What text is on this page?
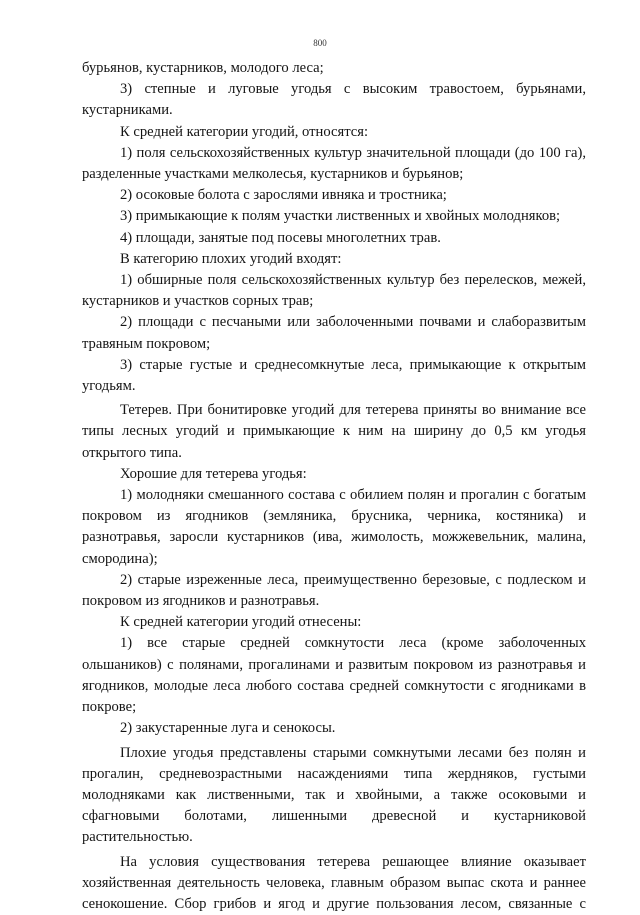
800

бурьянов, кустарников, молодого леса;

3) степные и луговые угодья с высоким травостоем, бурьянами, кустарниками.

К средней категории угодий, относятся:

1) поля сельскохозяйственных культур значительной площади (до 100 га), разделенные участками мелколесья, кустарников и бурьянов;

2) осоковые болота с зарослями ивняка и тростника;

3) примыкающие к полям участки лиственных и хвойных молодняков;

4) площади, занятые под посевы многолетних трав.

В категорию плохих угодий входят:

1) обширные поля сельскохозяйственных культур без перелесков, межей, кустарников и участков сорных трав;

2) площади с песчаными или заболоченными почвами и слаборазвитым травяным покровом;

3) старые густые и среднесомкнутые леса, примыкающие к открытым угодьям.

Тетерев. При бонитировке угодий для тетерева приняты во внимание все типы лесных угодий и примыкающие к ним на ширину до 0,5 км угодья открытого типа.

Хорошие для тетерева угодья:

1) молодняки смешанного состава с обилием полян и прогалин с богатым покровом из ягодников (земляника, брусника, черника, костяника) и разнотравья, заросли кустарников (ива, жимолость, можжевельник, малина, смородина);

2) старые изреженные леса, преимущественно березовые, с подлеском и покровом из ягодников и разнотравья.

К средней категории угодий отнесены:

1) все старые средней сомкнутости леса (кроме заболоченных ольшаников) с полянами, прогалинами и развитым покровом из разнотравья и ягодников, молодые леса любого состава средней сомкнутости с ягодниками в покрове;

2) закустаренные луга и сенокосы.

Плохие угодья представлены старыми сомкнутыми лесами без полян и прогалин, средневозрастными насаждениями типа жердняков, густыми молодняками как лиственными, так и хвойными, а также осоковыми и сфагновыми болотами, лишенными древесной и кустарниковой растительностью.

На условия существования тетерева решающее влияние оказывает хозяйственная деятельность человека, главным образом выпас скота и раннее сенокошение. Сбор грибов и ягод и другие пользования лесом, связанные с
